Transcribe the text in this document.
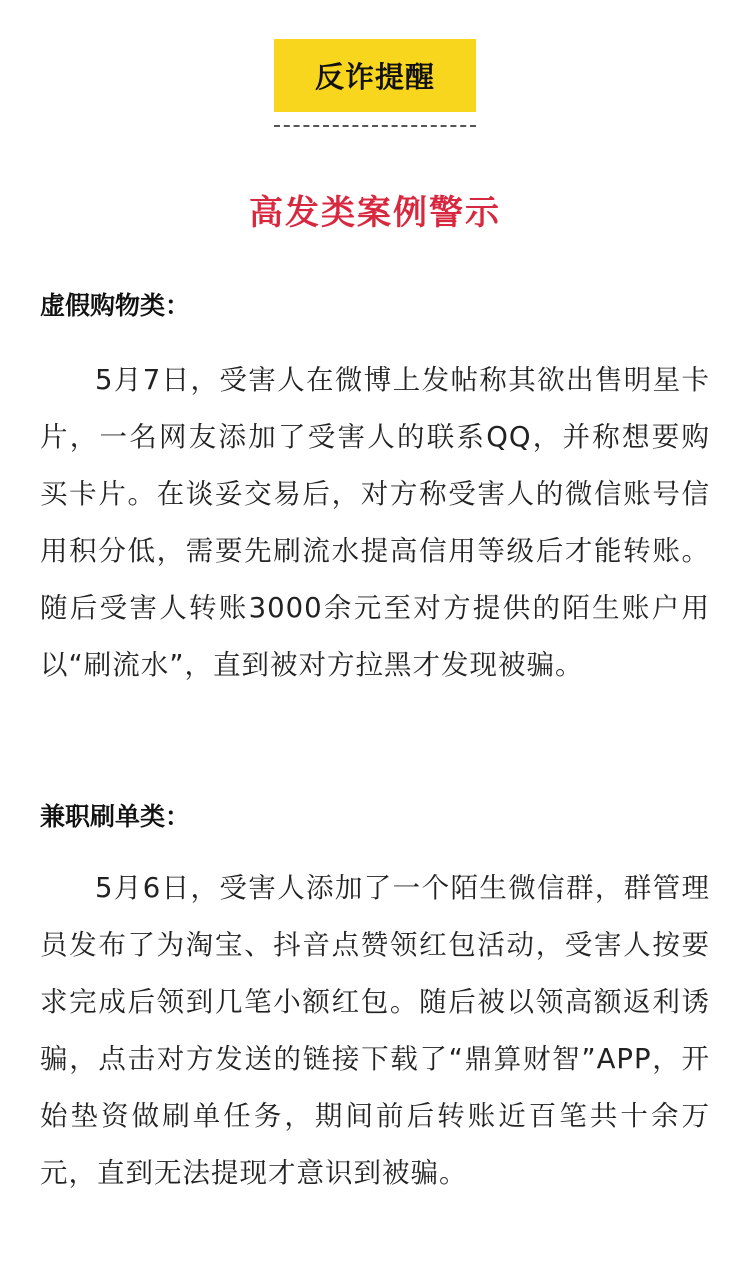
反诈提醒
高发类案例警示
虚假购物类：
5月7日，受害人在微博上发帖称其欲出售明星卡片，一名网友添加了受害人的联系QQ，并称想要购买卡片。在谈妥交易后，对方称受害人的微信账号信用积分低，需要先刷流水提高信用等级后才能转账。随后受害人转账3000余元至对方提供的陌生账户用以“刷流水”，直到被对方拉黑才发现被骗。
兼职刷单类：
5月6日，受害人添加了一个陌生微信群，群管理员发布了为淘宝、抖音点赞领红包活动，受害人按要求完成后领到几笔小额红包。随后被以领高额返利诱骗，点击对方发送的链接下载了“鼎算财智”APP，开始垫资做刷单任务，期间前后转账近百笔共十余万元，直到无法提现才意识到被骗。
